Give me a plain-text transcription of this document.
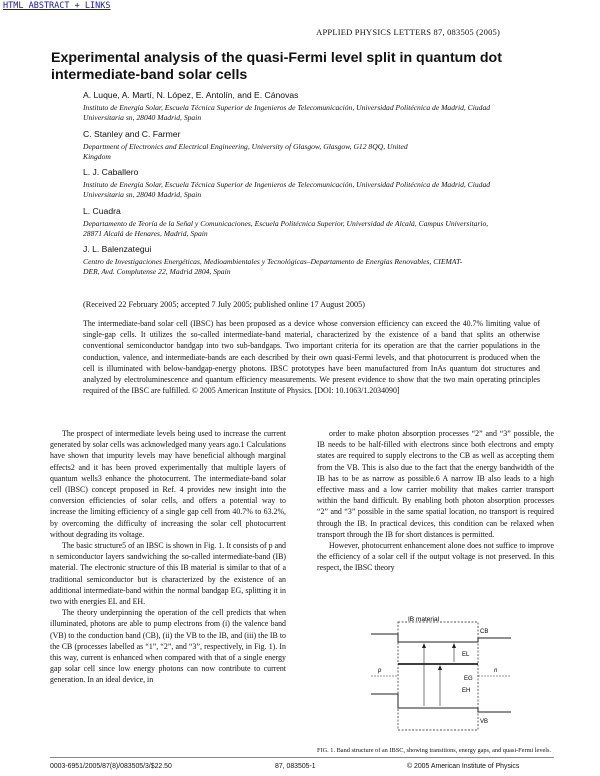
HTML ABSTRACT + LINKS
APPLIED PHYSICS LETTERS 87, 083505 (2005)
Experimental analysis of the quasi-Fermi level split in quantum dot intermediate-band solar cells
A. Luque, A. Martí, N. López, E. Antolín, and E. Cánovas
Instituto de Energía Solar, Escuela Técnica Superior de Ingenieros de Telecomunicación, Universidad Politécnica de Madrid, Ciudad Universitaria sn, 28040 Madrid, Spain
C. Stanley and C. Farmer
Department of Electronics and Electrical Engineering, University of Glasgow, Glasgow, G12 8QQ, United Kingdom
L. J. Caballero
Instituto de Energía Solar, Escuela Técnica Superior de Ingenieros de Telecomunicación, Universidad Politécnica de Madrid, Ciudad Universitaria sn, 28040 Madrid, Spain
L. Cuadra
Departamento de Teoría de la Señal y Comunicaciones, Escuela Politécnica Superior, Universidad de Alcalá, Campus Universitario, 28871 Alcalá de Henares, Madrid, Spain
J. L. Balenzategui
Centro de Investigaciones Energéticas, Medioambientales y Tecnológicas–Departamento de Energías Renovables, CIEMAT-DER, Avd. Complutense 22, Madrid 2804, Spain
(Received 22 February 2005; accepted 7 July 2005; published online 17 August 2005)
The intermediate-band solar cell (IBSC) has been proposed as a device whose conversion efficiency can exceed the 40.7% limiting value of single-gap cells. It utilizes the so-called intermediate-band material, characterized by the existence of a band that splits an otherwise conventional semiconductor bandgap into two sub-bandgaps. Two important criteria for its operation are that the carrier populations in the conduction, valence, and intermediate-bands are each described by their own quasi-Fermi levels, and that photocurrent is produced when the cell is illuminated with below-bandgap-energy photons. IBSC prototypes have been manufactured from InAs quantum dot structures and analyzed by electroluminescence and quantum efficiency measurements. We present evidence to show that the two main operating principles required of the IBSC are fulfilled. © 2005 American Institute of Physics. [DOI: 10.1063/1.2034090]

The prospect of intermediate levels being used to increase the current generated by solar cells was acknowledged many years ago.1 Calculations have shown that impurity levels may have beneficial although marginal effects2 and it has been proved experimentally that multiple layers of quantum wells3 enhance the photocurrent. The intermediate-band solar cell (IBSC) concept proposed in Ref. 4 provides new insight into the conversion efficiencies of solar cells, and offers a potential way to increase the limiting efficiency of a single gap cell from 40.7% to 63.2%, by overcoming the difficulty of increasing the solar cell photocurrent without degrading its voltage.

The basic structure5 of an IBSC is shown in Fig. 1. It consists of p and n semiconductor layers sandwiching the so-called intermediate-band (IB) material. The electronic structure of this IB material is similar to that of a traditional semiconductor but is characterized by the existence of an additional intermediate-band within the normal bandgap EG, splitting it in two with energies EL and EH.

The theory underpinning the operation of the cell predicts that when illuminated, photons are able to pump electrons from (i) the valence band (VB) to the conduction band (CB), (ii) the VB to the IB, and (iii) the IB to the CB (processes labelled as “1”, “2”, and “3”, respectively, in Fig. 1). In this way, current is enhanced when compared with that of a single energy gap solar cell since low energy photons can now contribute to current generation. In an ideal device, in

order to make photon absorption processes “2” and “3” possible, the IB needs to be half-filled with electrons since both electrons and empty states are required to supply electrons to the CB as well as accepting them from the VB. This is also due to the fact that the energy bandwidth of the IB has to be as narrow as possible.6 A narrow IB also leads to a high effective mass and a low carrier mobility that makes carrier transport within the band difficult. By enabling both photon absorption processes “2” and “3” possible in the same spatial location, no transport is required through the IB. In practical devices, this condition can be relaxed when transport through the IB for short distances is permitted.

However, photocurrent enhancement alone does not suffice to improve the efficiency of a solar cell if the output voltage is not preserved. In this respect, the IBSC theory

IB material
CB
VB
EG
EL
EH
p	n
FIG. 1. Band structure of an IBSC, showing transitions, energy gaps, and quasi-Fermi levels.
0003-6951/2005/87(8)/083505/3/$22.50	87, 083505-1	© 2005 American Institute of Physics
